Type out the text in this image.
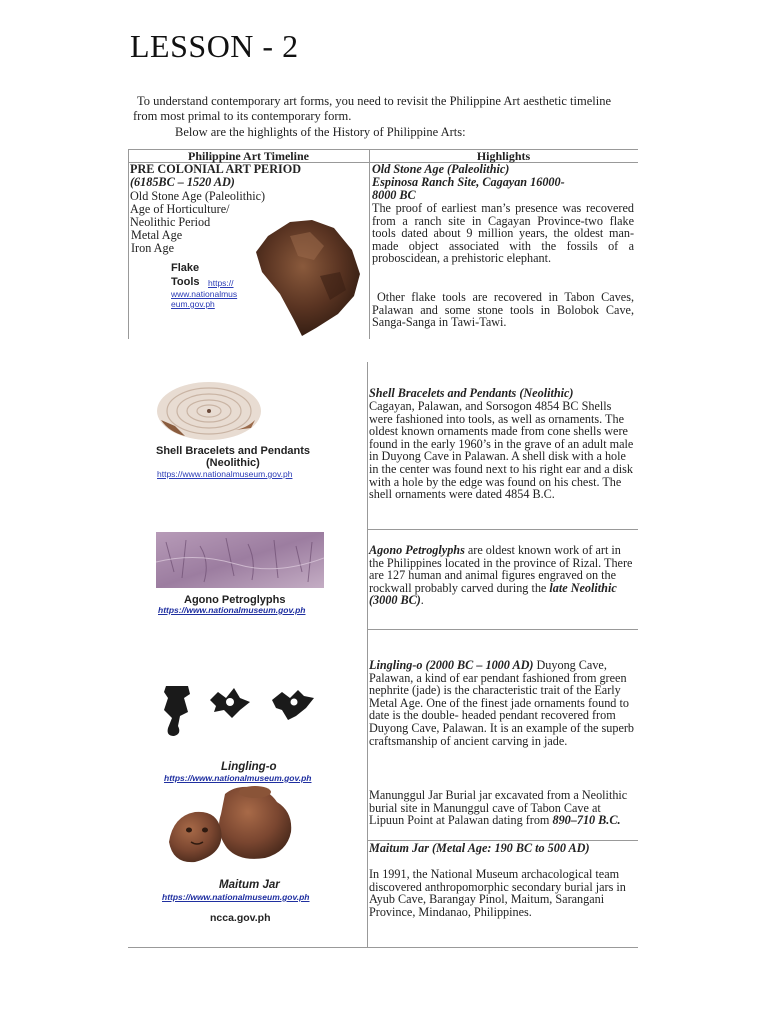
LESSON - 2
To understand contemporary art forms, you need to revisit the Philippine Art aesthetic timeline from most primal to its contemporary form.
Below are the highlights of the History of Philippine Arts:
Philippine Art Timeline	Highlights
PRE COLONIAL ART PERIOD
(6185BC – 1520 AD)
Old Stone Age (Paleolithic)
Age of Horticulture/
Neolithic Period
Metal Age
Iron Age
Flake
Tools https://
www.nationalmus
eum.gov.ph
Old Stone Age (Paleolithic)
Espinosa Ranch Site, Cagayan 16000-
8000 BC
The proof of earliest man’s presence was recovered from a ranch site in Cagayan Province-two flake tools dated about 9 million years, the oldest man-made object associated with the fossils of a proboscidean, a prehistoric elephant.
Other flake tools are recovered in Tabon Caves, Palawan and some stone tools in Bolobok Cave, Sanga-Sanga in Tawi-Tawi.
Shell Bracelets and Pendants
(Neolithic)
https://www.nationalmuseum.gov.ph
Shell Bracelets and Pendants (Neolithic)
Cagayan, Palawan, and Sorsogon 4854 BC Shells were fashioned into tools, as well as ornaments. The oldest known ornaments made from cone shells were found in the early 1960’s in the grave of an adult male in Duyong Cave in Palawan. A shell disk with a hole in the center was found next to his right ear and a disk with a hole by the edge was found on his chest. The shell ornaments were dated 4854 B.C.
Agono Petroglyphs
https://www.nationalmuseum.gov.ph
Agono Petroglyphs are oldest known work of art in the Philippines located in the province of Rizal. There are 127 human and animal figures engraved on the rockwall probably carved during the late Neolithic (3000 BC).
Lingling-o
https://www.nationalmuseum.gov.ph
Maitum Jar
https://www.nationalmuseum.gov.ph
ncca.gov.ph
Lingling-o (2000 BC – 1000 AD) Duyong Cave, Palawan, a kind of ear pendant fashioned from green nephrite (jade) is the characteristic trait of the Early Metal Age. One of the finest jade ornaments found to date is the double- headed pendant recovered from Duyong Cave, Palawan. It is an example of the superb craftsmanship of ancient carving in jade.
Manunggul Jar Burial jar excavated from a Neolithic burial site in Manunggul cave of Tabon Cave at Lipuun Point at Palawan dating from 890–710 B.C.
Maitum Jar (Metal Age: 190 BC to 500 AD)
In 1991, the National Museum archacological team discovered anthropomorphic secondary burial jars in Ayub Cave, Barangay Pinol, Maitum, Sarangani Province, Mindanao, Philippines.
